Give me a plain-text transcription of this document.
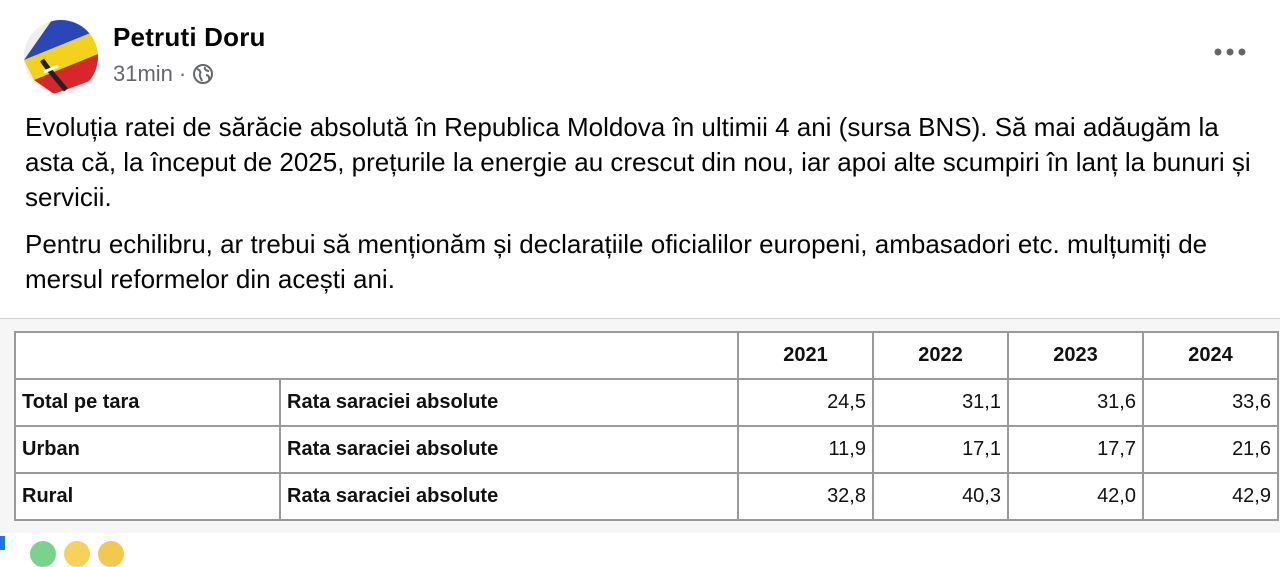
Petruti Doru
31min ·

Evoluția ratei de sărăcie absolută în Republica Moldova în ultimii 4 ani (sursa BNS). Să mai adăugăm la asta că, la început de 2025, prețurile la energie au crescut din nou, iar apoi alte scumpiri în lanț la bunuri și servicii.

Pentru echilibru, ar trebui să menționăm și declarațiile oficialilor europeni, ambasadori etc. mulțumiți de mersul reformelor din acești ani.

		2021	2022	2023	2024
Total pe tara	Rata saraciei absolute	24,5	31,1	31,6	33,6
Urban	Rata saraciei absolute	11,9	17,1	17,7	21,6
Rural	Rata saraciei absolute	32,8	40,3	42,0	42,9
